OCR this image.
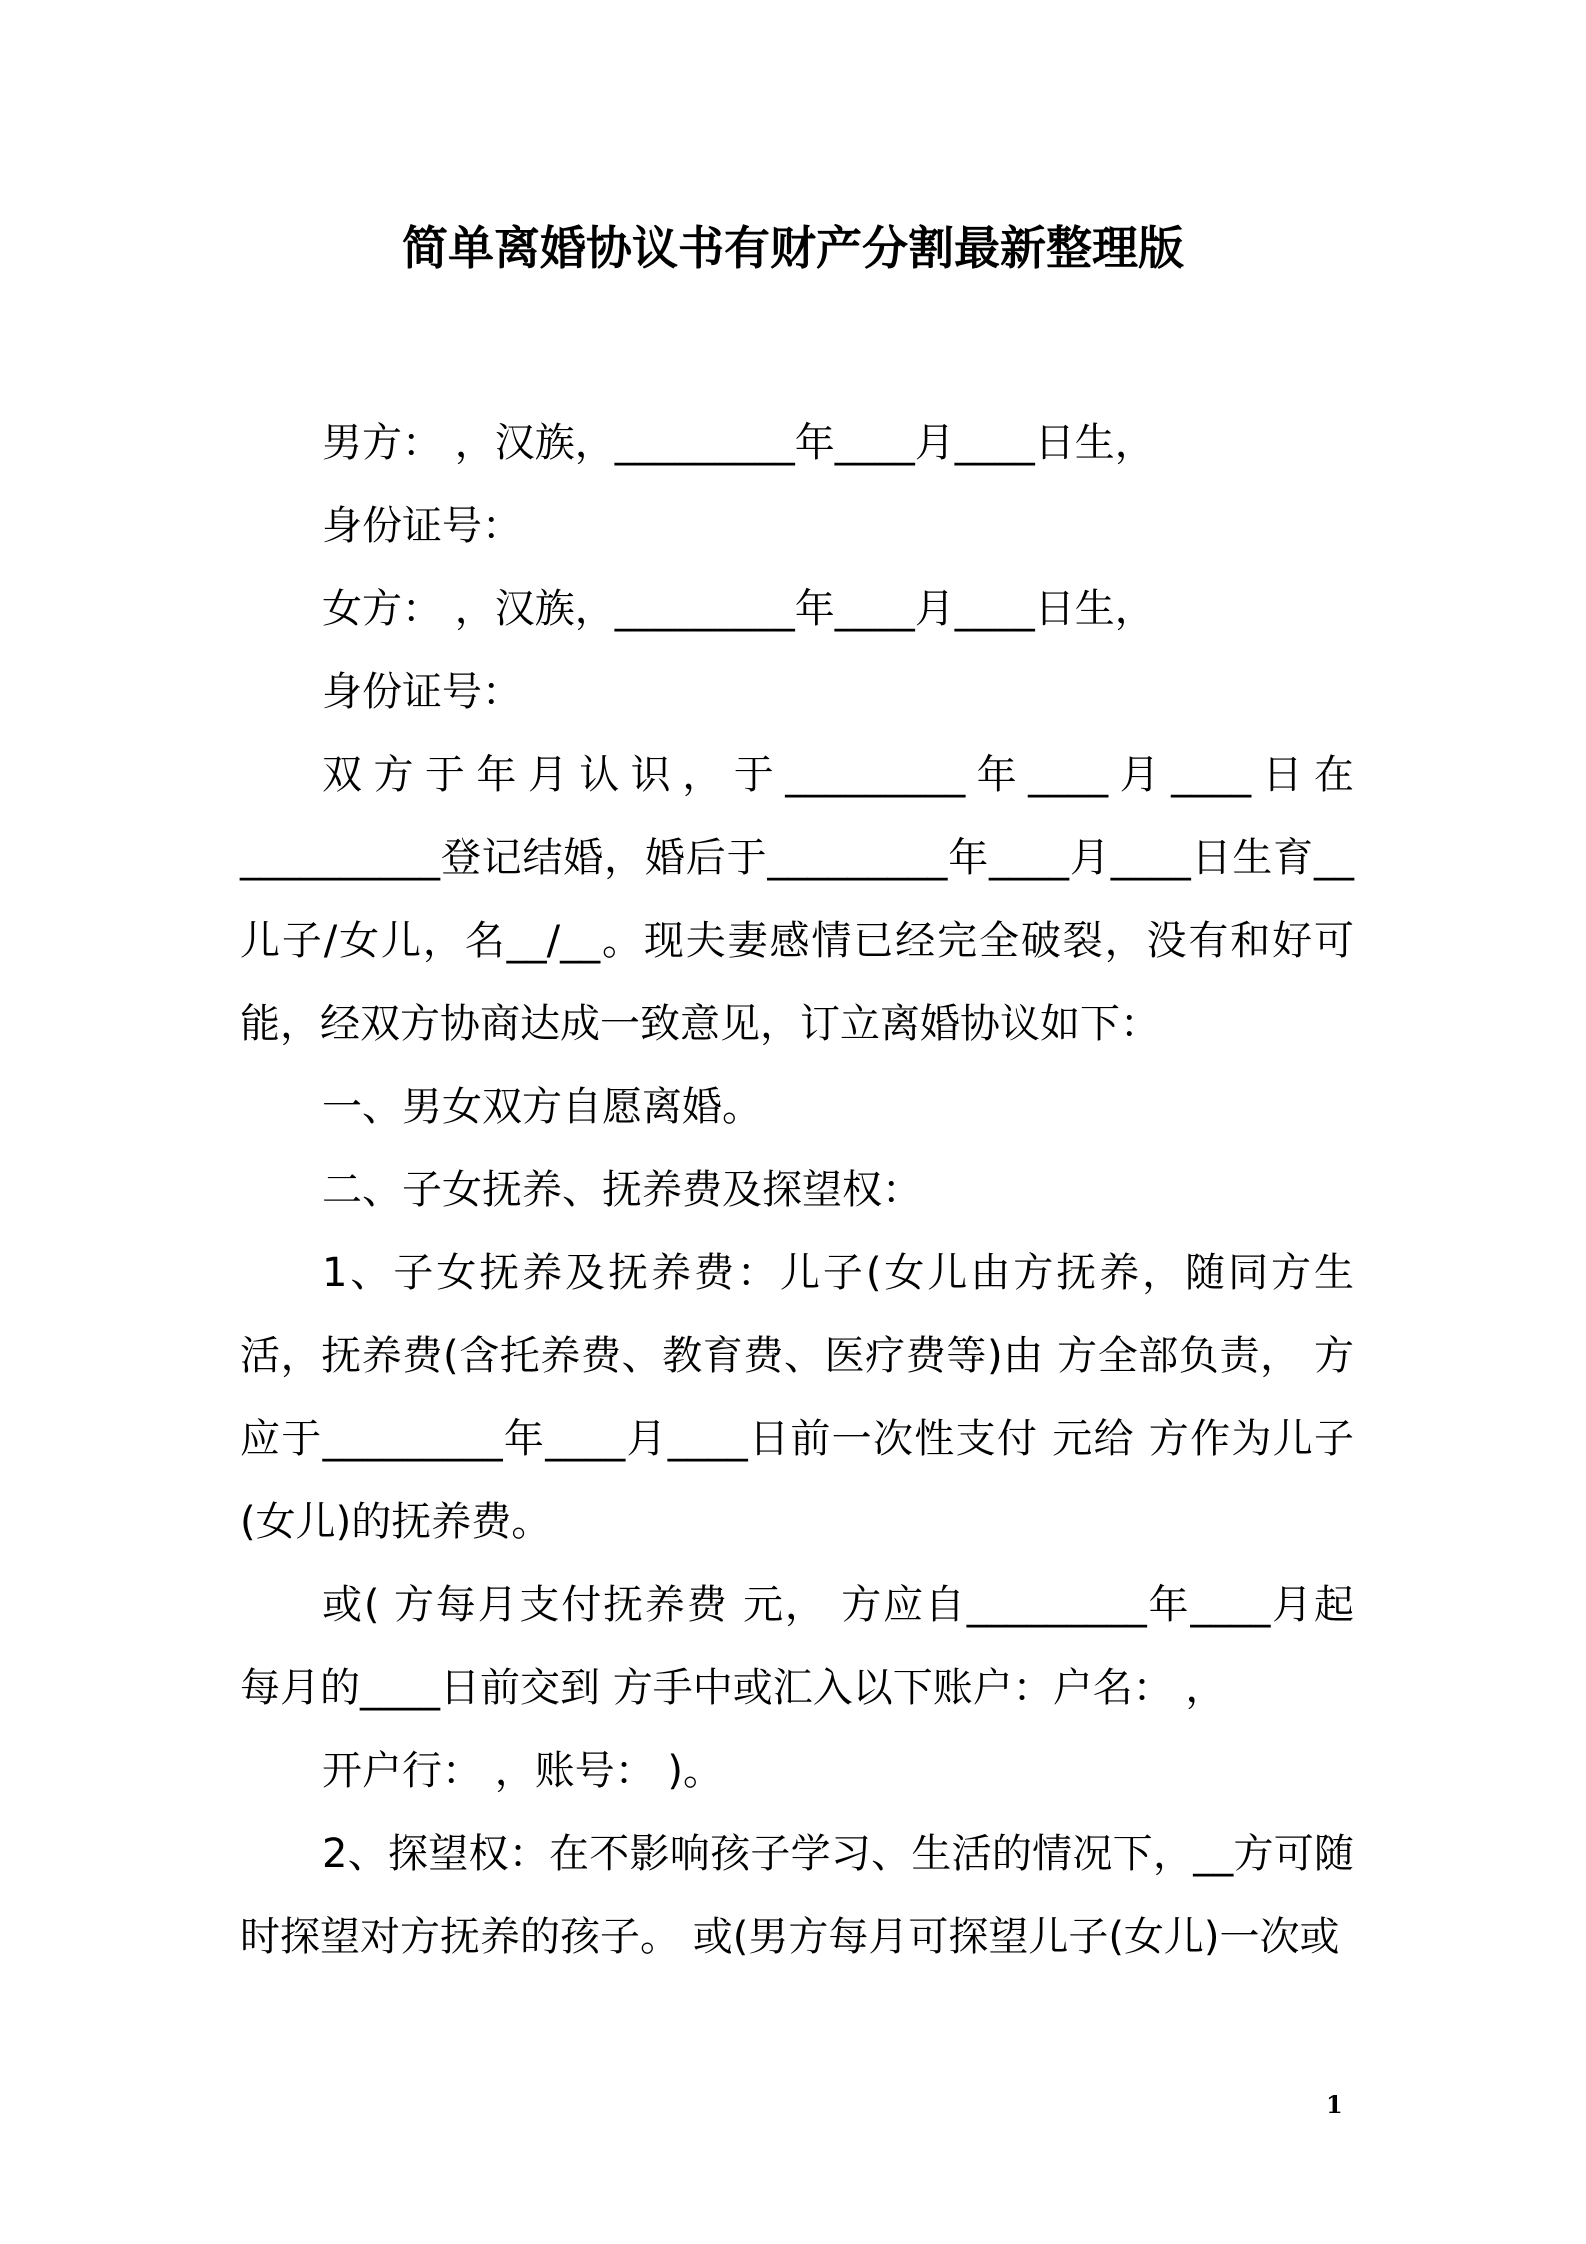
简单离婚协议书有财产分割最新整理版

男方： ，汉族，_________年____月____日生，

身份证号：

女方： ，汉族，_________年____月____日生，

身份证号：

双方于年月认识，于_________年____月____日在__________登记结婚，婚后于_________年____月____日生育__儿子/女儿，名__/__。现夫妻感情已经完全破裂，没有和好可能，经双方协商达成一致意见，订立离婚协议如下：

一、男女双方自愿离婚。

二、子女抚养、抚养费及探望权：

1、子女抚养及抚养费：儿子(女儿由方抚养，随同方生活，抚养费(含托养费、教育费、医疗费等)由 方全部负责， 方应于_________年____月____日前一次性支付 元给 方作为儿子(女儿)的抚养费。

或( 方每月支付抚养费 元， 方应自_________年____月起每月的____日前交到 方手中或汇入以下账户：户名： ，

开户行： ，账号： )。

2、探望权：在不影响孩子学习、生活的情况下，__方可随时探望对方抚养的孩子。 或(男方每月可探望儿子(女儿)一次或

1
